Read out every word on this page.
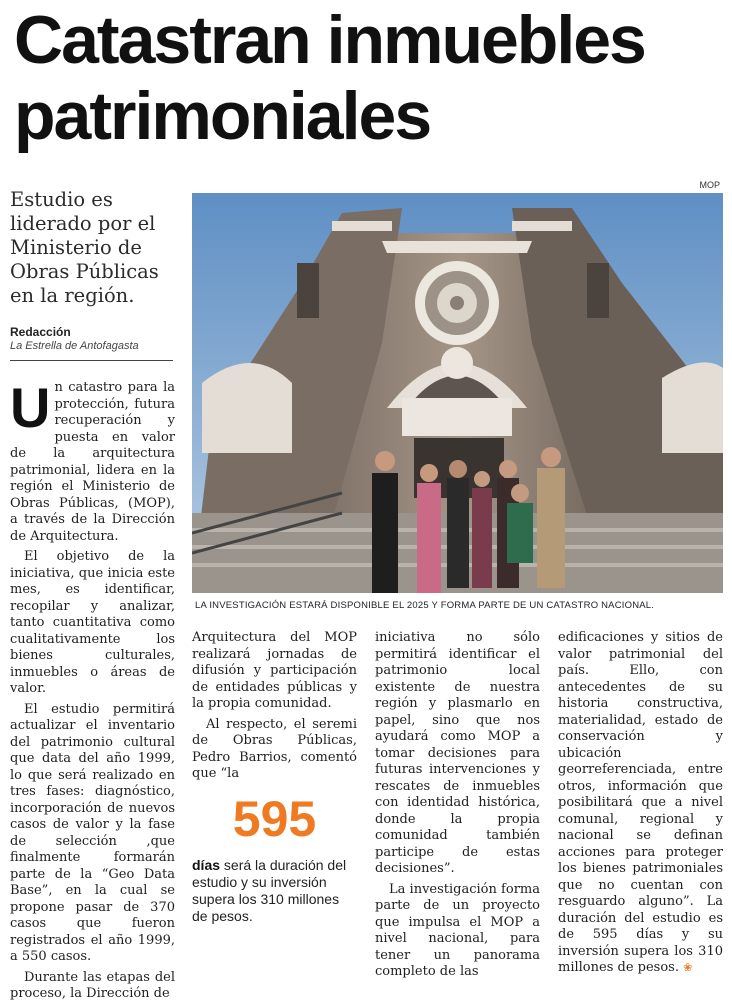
Catastran inmuebles
patrimoniales
Estudio es liderado por el Ministerio de Obras Públicas en la región.
Redacción
La Estrella de Antofagasta
MOP
LA INVESTIGACIÓN ESTARÁ DISPONIBLE EL 2025 Y FORMA PARTE DE UN CATASTRO NACIONAL.

Un catastro para la protección, futura recuperación y puesta en valor de la arquitectura patrimonial, lidera en la región el Ministerio de Obras Públicas, (MOP), a través de la Dirección de Arquitectura.

El objetivo de la iniciativa, que inicia este mes, es identificar, recopilar y analizar, tanto cuantitativa como cualitativamente los bienes culturales, inmuebles o áreas de valor.

El estudio permitirá actualizar el inventario del patrimonio cultural que data del año 1999, lo que será realizado en tres fases: diagnóstico, incorporación de nuevos casos de valor y la fase de selección ,que finalmente formarán parte de la “Geo Data Base”, en la cual se propone pasar de 370 casos que fueron registrados el año 1999, a 550 casos.

Durante las etapas del proceso, la Dirección de

Arquitectura del MOP realizará jornadas de difusión y participación de entidades públicas y la propia comunidad.

Al respecto, el seremi de Obras Públicas, Pedro Barrios, comentó que “la

595
días será la duración del estudio y su inversión supera los 310 millones de pesos.

iniciativa no sólo permitirá identificar el patrimonio local existente de nuestra región y plasmarlo en papel, sino que nos ayudará como MOP a tomar decisiones para futuras intervenciones y rescates de inmuebles con identidad histórica, donde la propia comunidad también participe de estas decisiones”.

La investigación forma parte de un proyecto que impulsa el MOP a nivel nacional, para tener un panorama completo de las

edificaciones y sitios de valor patrimonial del país. Ello, con antecedentes de su historia constructiva, materialidad, estado de conservación y ubicación georreferenciada, entre otros, información que posibilitará que a nivel comunal, regional y nacional se definan acciones para proteger los bienes patrimoniales que no cuentan con resguardo alguno”. La duración del estudio es de 595 días y su inversión supera los 310 millones de pesos. ❀
